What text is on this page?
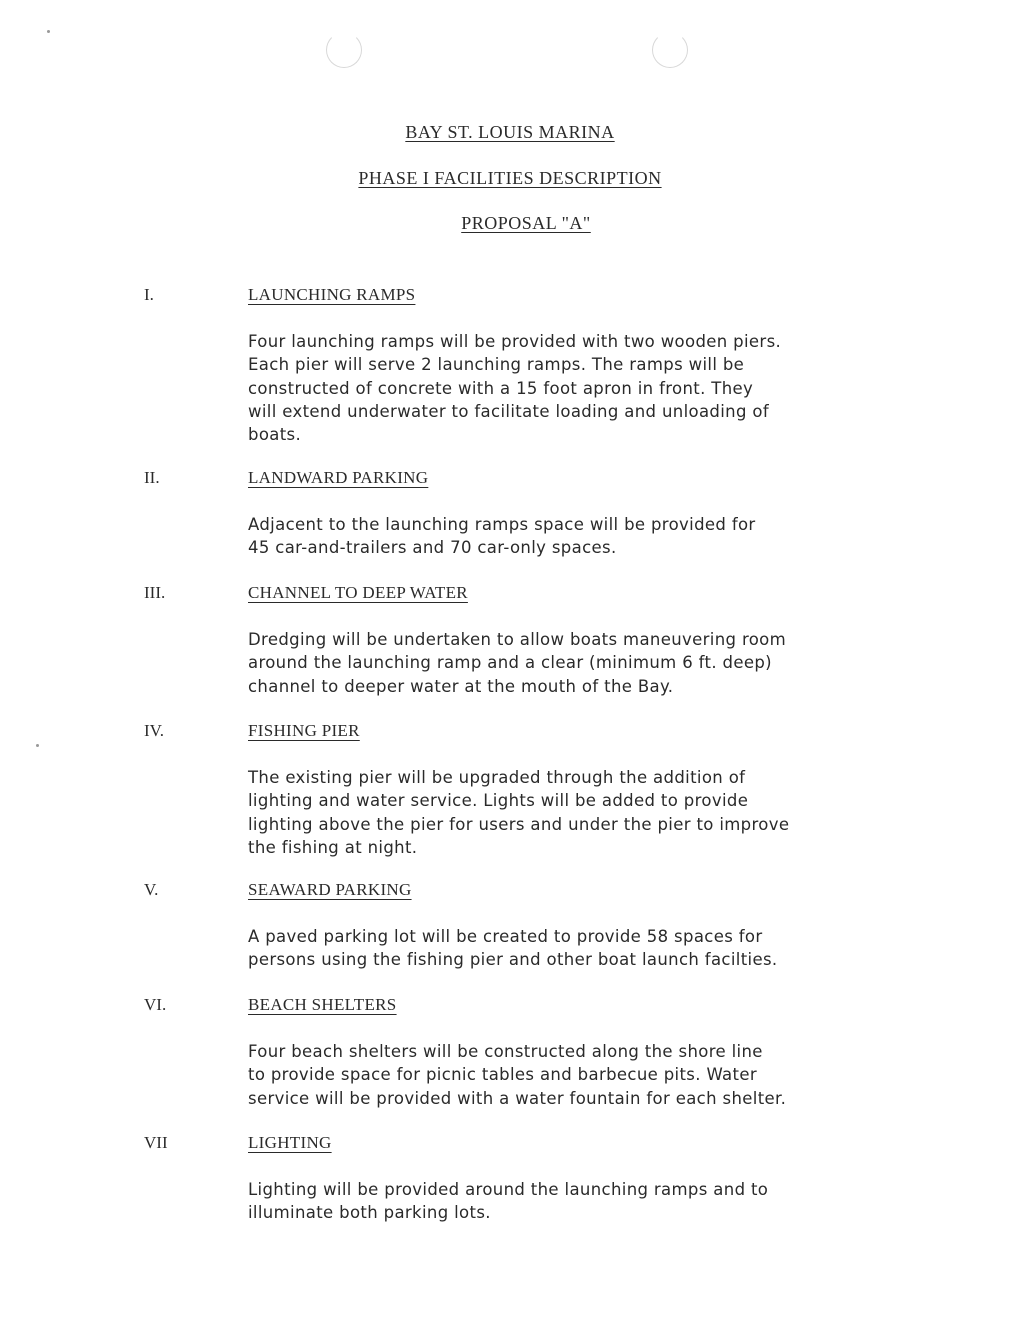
BAY ST. LOUIS MARINA
PHASE I FACILITIES DESCRIPTION
PROPOSAL "A"
I.	LAUNCHING RAMPS
Four launching ramps will be provided with two wooden piers.
Each pier will serve 2 launching ramps. The ramps will be
constructed of concrete with a 15 foot apron in front. They
will extend underwater to facilitate loading and unloading of
boats.
II.	LANDWARD PARKING
Adjacent to the launching ramps space will be provided for
45 car-and-trailers and 70 car-only spaces.
III.	CHANNEL TO DEEP WATER
Dredging will be undertaken to allow boats maneuvering room
around the launching ramp and a clear (minimum 6 ft. deep)
channel to deeper water at the mouth of the Bay.
IV.	FISHING PIER
The existing pier will be upgraded through the addition of
lighting and water service. Lights will be added to provide
lighting above the pier for users and under the pier to improve
the fishing at night.
V.	SEAWARD PARKING
A paved parking lot will be created to provide 58 spaces for
persons using the fishing pier and other boat launch facilties.
VI.	BEACH SHELTERS
Four beach shelters will be constructed along the shore line
to provide space for picnic tables and barbecue pits. Water
service will be provided with a water fountain for each shelter.
VII	LIGHTING
Lighting will be provided around the launching ramps and to
illuminate both parking lots.
